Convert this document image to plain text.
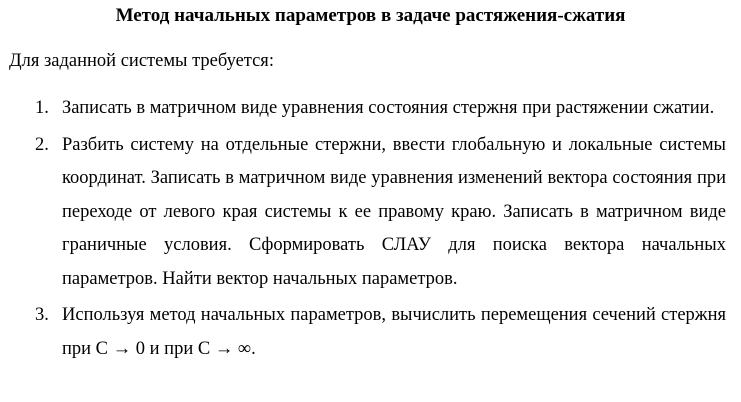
Метод начальных параметров в задаче растяжения-сжатия

Для заданной системы требуется:

1. Записать в матричном виде уравнения состояния стержня при растяжении сжатии.
2. Разбить систему на отдельные стержни, ввести глобальную и локальные системы координат. Записать в матричном виде уравнения изменений вектора состояния при переходе от левого края системы к ее правому краю. Записать в матричном виде граничные условия. Сформировать СЛАУ для поиска вектора начальных параметров. Найти вектор начальных параметров.
3. Используя метод начальных параметров, вычислить перемещения сечений стержня при C → 0 и при C → ∞.
